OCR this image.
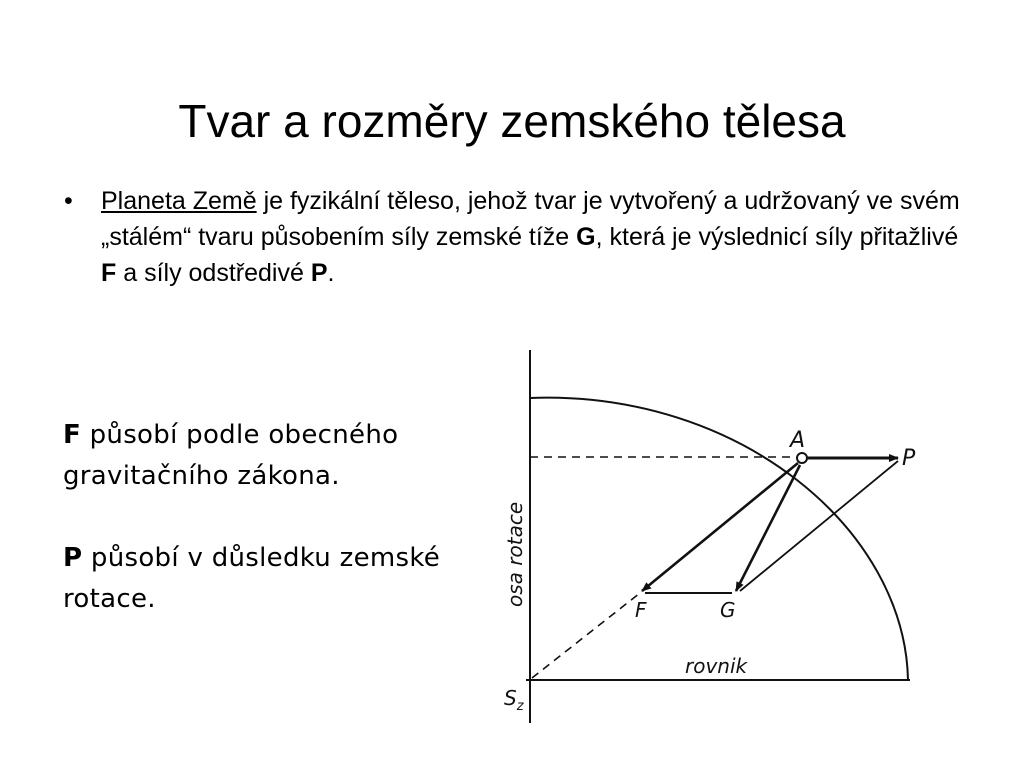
Tvar a rozměry zemského tělesa
•	Planeta Země je fyzikální těleso, jehož tvar je vytvořený a udržovaný ve svém „stálém“ tvaru působením síly zemské tíže G, která je výslednicí síly přitažlivé F a síly odstředivé P.

F působí podle obecného gravitačního zákona.

P působí v důsledku zemské rotace.

A
P
F	G
rovnik
osa rotace
$S_z$
